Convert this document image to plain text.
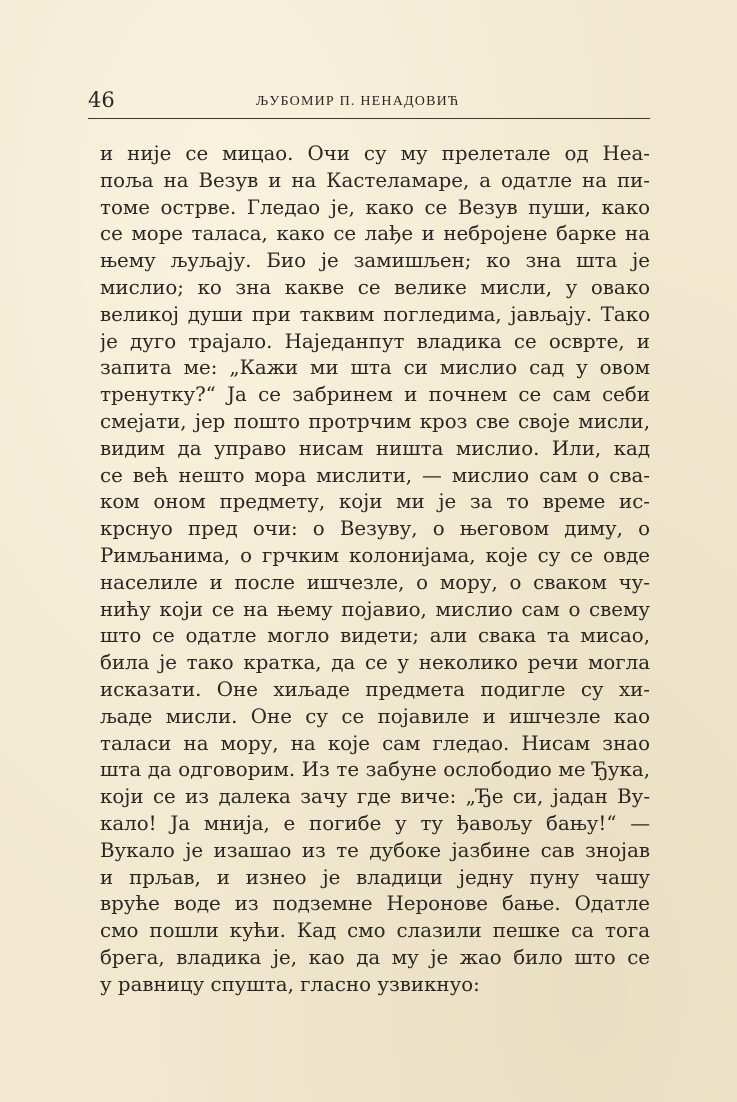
46	ЉУБОМИР П. НЕНАДОВИЋ
и није се мицао. Очи су му прелетале од Неа-
поља на Везув и на Кастеламаре, а одатле на пи-
томе острве. Гледао је, како се Везув пуши, како
се море таласа, како се лађе и небројене барке на
њему љуљају. Био је замишљен; ко зна шта је
мислио; ко зна какве се велике мисли, у овако
великој души при таквим погледима, јављају. Тако
је дуго трајало. Наједанпут владика се осврте, и
запита ме: „Кажи ми шта си мислио сад у овом
тренутку?“ Ја се забринем и почнем се сам себи
смејати, јер пошто протрчим кроз све своје мисли,
видим да управо нисам ништа мислио. Или, кад
се већ нешто мора мислити, — мислио сам о сва-
ком оном предмету, који ми је за то време ис-
крснуо пред очи: о Везуву, о његовом диму, о
Римљанима, о грчким колонијама, које су се овде
населиле и после ишчезле, о мору, о сваком чу-
нићу који се на њему појавио, мислио сам о свему
што се одатле могло видети; али свака та мисао,
била је тако кратка, да се у неколико речи могла
исказати. Оне хиљаде предмета подигле су хи-
љаде мисли. Оне су се појавиле и ишчезле као
таласи на мору, на које сам гледао. Нисам знао
шта да одговорим. Из те забуне ослободио ме Ђука,
који се из далека зачу где виче: „Ђе си, јадан Ву-
кало! Ја мнија, е погибе у ту ђавољу бању!“ —
Вукало је изашао из те дубоке јазбине сав знојав
и прљав, и изнео је владици једну пуну чашу
вруће воде из подземне Неронове бање. Одатле
смо пошли кући. Кад смо слазили пешке са тога
брега, владика је, као да му је жао било што се
у равницу спушта, гласно узвикнуо:
